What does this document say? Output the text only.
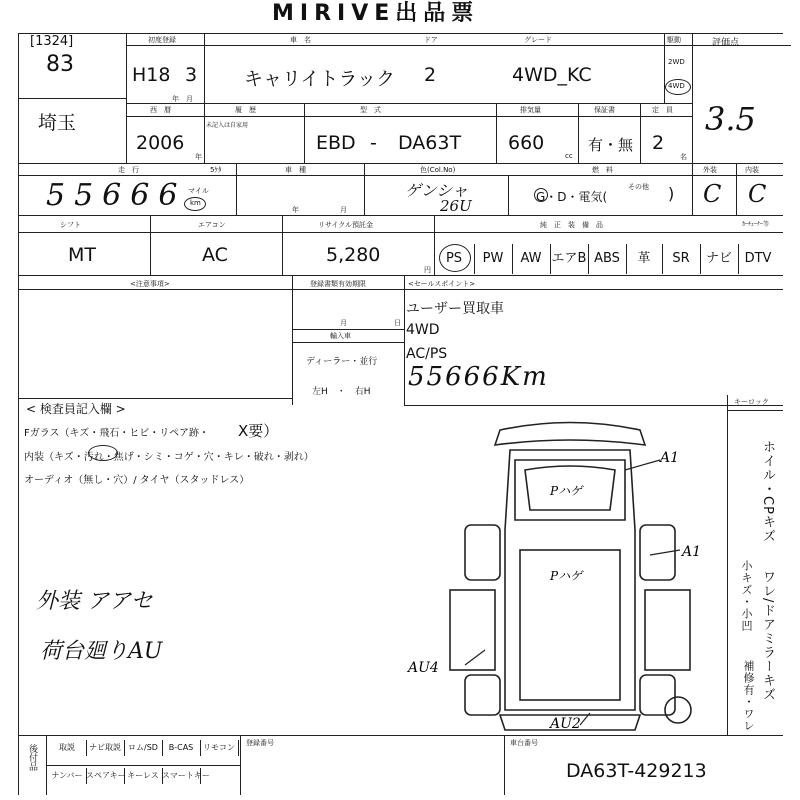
MIRIVE出品票
[1324]
83
初度登録
H18 3
年　月
車　名
キャリイトラック
ドア
2
グレード
4WD_KC
駆動
2WD
4WD
評価点
3.5
埼玉
西　暦
2006
年
履　歴
未記入は自家用
型　式
EBD - DA63T
排気量
660
cc
保証書
有・無
定　員
2
名
走　行	5ｹﾀ
55666 マイル
km
車　種
年	月
色(Col.No)
ゲンシャ
26U
燃　料
G・D・電気(
その他 )
外装
C
内装
C
シフト
MT
エアコン
AC
リサイクル預託金
5,280
円
純　正　装　備　品	ｶｰﾁｭｰﾅｰ等
PS	PW	AW エアB ABS	革	SR	ナビ DTV
<注意事項>	登録書類有効期限
月	日
輸入車
ディーラー・並行
左H　・　右H
<セールスポイント>
ユーザー買取車
4WD
AC/PS
55666Km
< 検査員記入欄 >
Fガラス（キズ・飛石・ヒビ・リペア跡・ X要）
内装（キズ・汚れ・焦げ・シミ・コゲ・穴・キレ・破れ・剥れ）
オーディオ（無し・穴）/ タイヤ（スタッドレス）
外装 アアセ
荷台廻りAU
キーロック
ホイル・CPキズ
ワレ/ドアミラーキズ
小キズ・小凹
補修有・ワレ
A1
A1
Pハゲ
Pハゲ
AU4
AU2
後付品	取説	ナビ取説 ロム/SD	B-CAS	リモコン
ナンバー スペアキー キーレス スマートキー
登録番号	車台番号
DA63T-429213
